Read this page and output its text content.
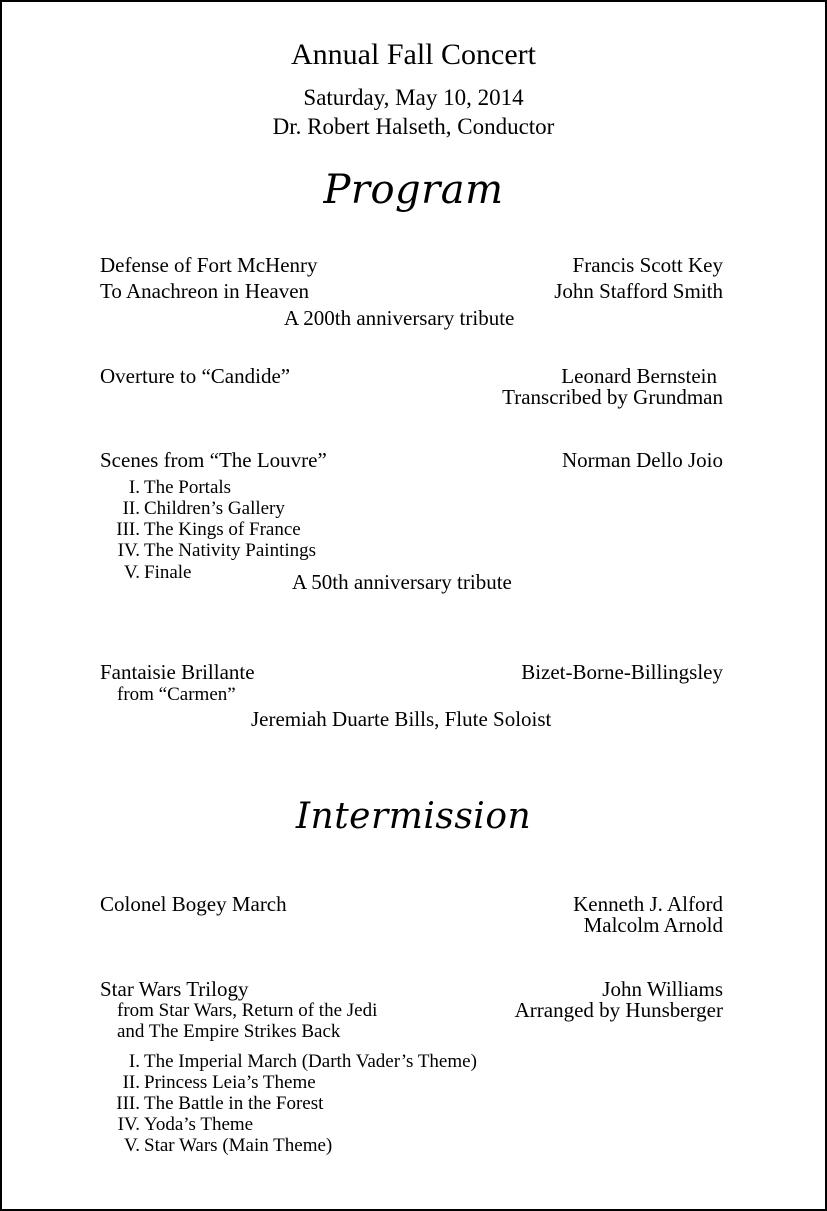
Annual Fall Concert
Saturday, May 10, 2014
Dr. Robert Halseth, Conductor
Program
Defense of Fort McHenry	Francis Scott Key
To Anachreon in Heaven	John Stafford Smith
A 200th anniversary tribute
Overture to “Candide”	Leonard Bernstein
Transcribed by Grundman
Scenes from “The Louvre”	Norman Dello Joio
I. The Portals
II. Children’s Gallery
III. The Kings of France
IV. The Nativity Paintings
V. Finale	A 50th anniversary tribute
Fantaisie Brillante	Bizet-Borne-Billingsley
from “Carmen”
Jeremiah Duarte Bills, Flute Soloist
Intermission
Colonel Bogey March	Kenneth J. Alford
Malcolm Arnold
Star Wars Trilogy	John Williams
from Star Wars, Return of the Jedi	Arranged by Hunsberger
and The Empire Strikes Back
I. The Imperial March (Darth Vader’s Theme)
II. Princess Leia’s Theme
III. The Battle in the Forest
IV. Yoda’s Theme
V. Star Wars (Main Theme)
